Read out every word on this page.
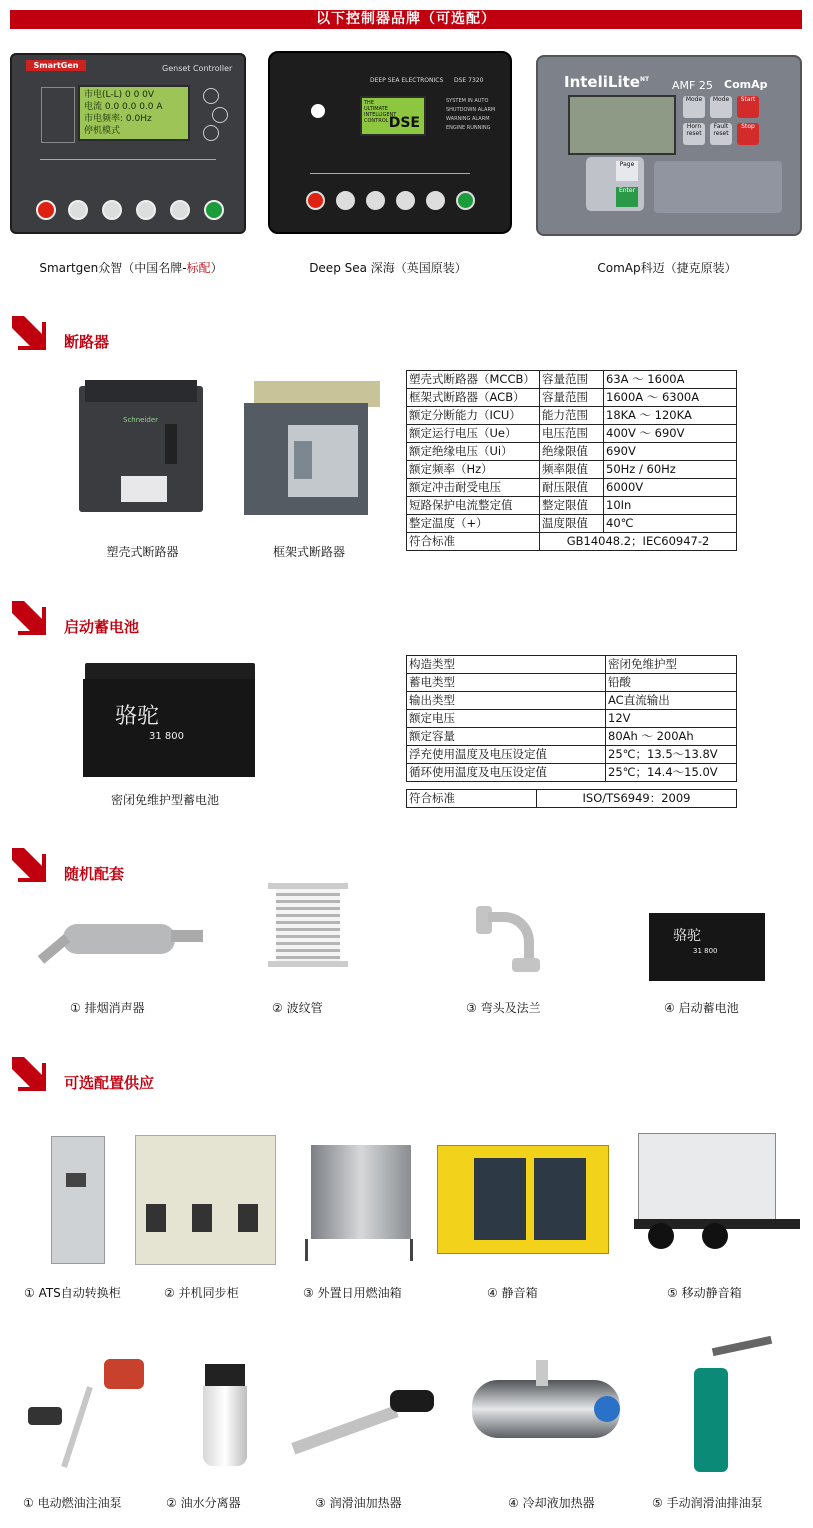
以下控制器品牌（可选配）
SmartGen	Genset Controller
市电(L-L) 0 0 0V
电流 0.0 0.0 0.0 A
市电频率: 0.0Hz
停机模式
Smartgen众智（中国名牌-标配）
DEEP SEA ELECTRONICS DSE 7320
THE ULTIMATE INTELLIGENT CONTROL DSE
SYSTEM IN AUTO
SHUTDOWN ALARM
WARNING ALARM
ENGINE RUNNING
Deep Sea 深海（英国原装）
InteliLite$^{NT}$ AMF 25 ComAp
Mode	Mode	Start
Horn reset
Fault reset
Stop
Page
Enter
ComAp科迈（捷克原装）
断路器
Schneider
塑壳式断路器	框架式断路器
塑壳式断路器（MCCB）	容量范围	63A ～ 1600A
框架式断路器（ACB）	容量范围	1600A ～ 6300A
额定分断能力（ICU）	能力范围	18KA ～ 120KA
额定运行电压（Ue）	电压范围	400V ～ 690V
额定绝缘电压（Ui）	绝缘限值	690V
额定频率（Hz）	频率限值	50Hz / 60Hz
额定冲击耐受电压	耐压限值	6000V
短路保护电流整定值	整定限值	10In
整定温度（+）	温度限值	40℃
符合标准	GB14048.2；IEC60947-2	
启动蓄电池
骆驼
31 800
密闭免维护型蓄电池
构造类型	密闭免维护型
蓄电类型	铅酸
输出类型	AC直流输出
额定电压	12V
额定容量	80Ah ～ 200Ah
浮充使用温度及电压设定值	25℃；13.5～13.8V
循环使用温度及电压设定值	25℃；14.4～15.0V
符合标准	ISO/TS6949：2009
随机配套
骆驼
31 800
① 排烟消声器	② 波纹管	③ 弯头及法兰	④ 启动蓄电池
可选配置供应
① ATS自动转换柜	② 并机同步柜	③ 外置日用燃油箱	④ 静音箱	⑤ 移动静音箱
① 电动燃油注油泵	② 油水分离器	③ 润滑油加热器	④ 冷却液加热器	⑤ 手动润滑油排油泵
